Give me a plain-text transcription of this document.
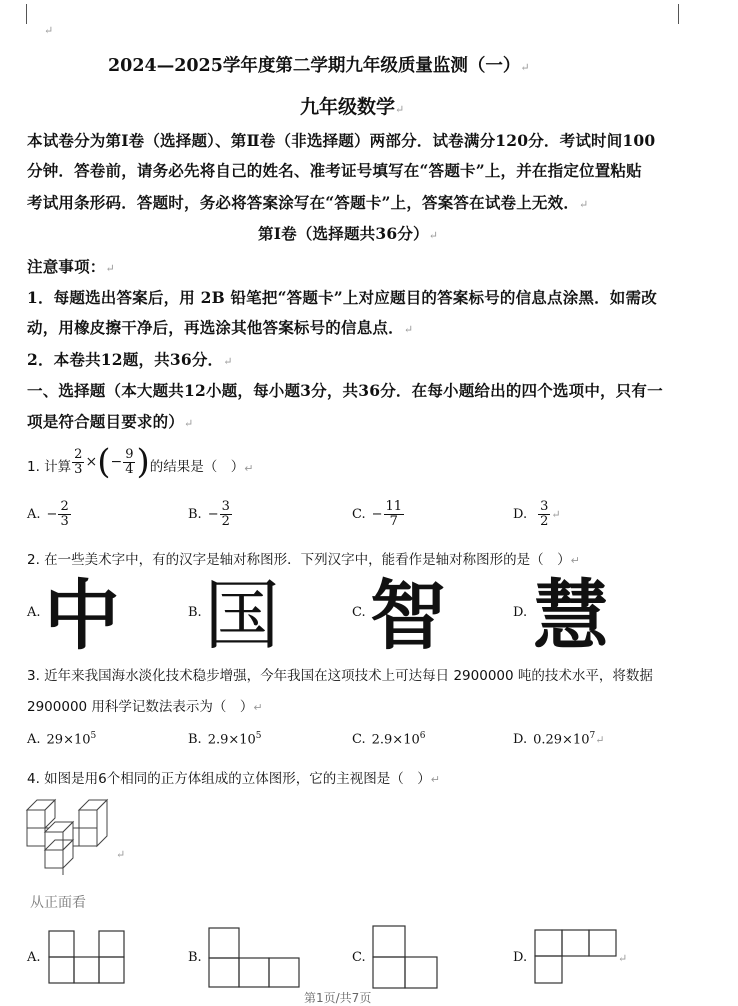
↵
2024—2025学年度第二学期九年级质量监测（一）↵
九年级数学↵
本试卷分为第Ⅰ卷（选择题）、第Ⅱ卷（非选择题）两部分．试卷满分120分．考试时间100
分钟．答卷前，请务必先将自己的姓名、准考证号填写在“答题卡”上，并在指定位置粘贴
考试用条形码．答题时，务必将答案涂写在“答题卡”上，答案答在试卷上无效．↵
第Ⅰ卷（选择题共36分）↵
注意事项：↵
1．每题选出答案后，用 2B 铅笔把“答题卡”上对应题目的答案标号的信息点涂黑．如需改
动，用橡皮擦干净后，再选涂其他答案标号的信息点．↵
2．本卷共12题，共36分．↵
一、选择题（本大题共12小题，每小题3分，共36分．在每小题给出的四个选项中，只有一
项是符合题目要求的）↵
1. 计算 $\frac{2}{3}$ × ( − $\frac{9}{4}$ ) 的结果是（　） ↵
A. − $\frac{2}{3}$	B. − $\frac{3}{2}$	C. − $\frac{11}{7}$	D. $\frac{3}{2}$ ↵
2. 在一些美术字中，有的汉字是轴对称图形．下列汉字中，能看作是轴对称图形的是（　）↵
A. 中	B. 国	C. 智	D. 慧
3. 近年来我国海水淡化技术稳步增强，今年我国在这项技术上可达每日 2900000 吨的技术水平，将数据
2900000 用科学记数法表示为（　）↵
A. $29\times 10^5$	B. $2.9\times 10^5$	C. $2.9\times 10^6$	D. $0.29\times 10^7↵$
4. 如图是用6个相同的正方体组成的立体图形，它的主视图是（　）↵
↵
从正面看
A.	B.	C.	D.	↵
第1页/共7页
